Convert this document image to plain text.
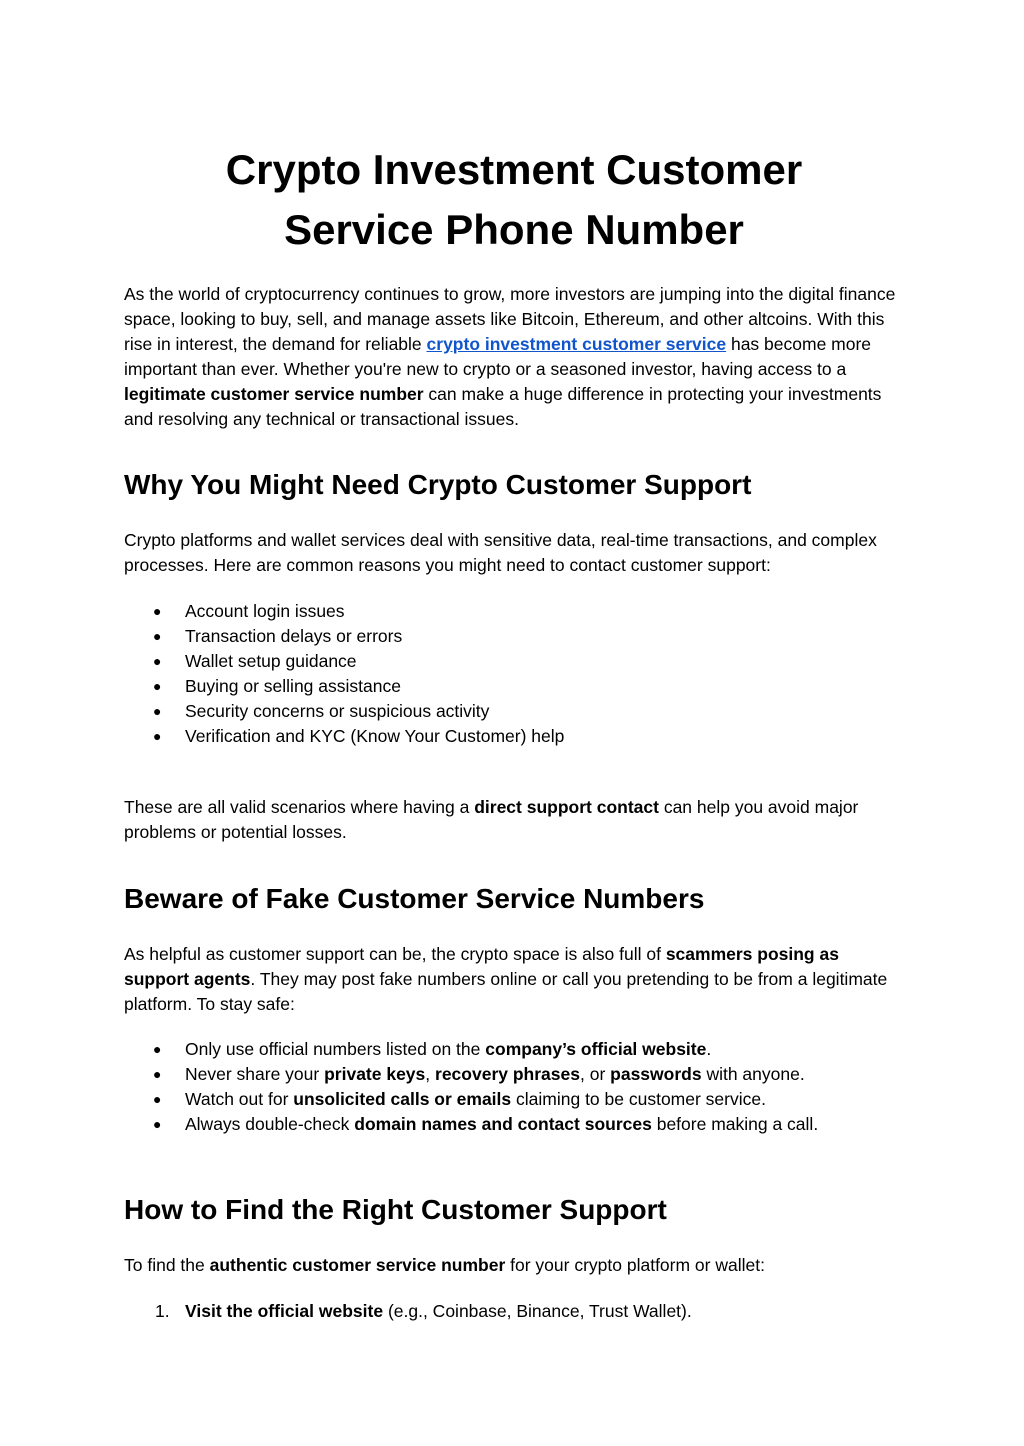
Crypto Investment Customer
Service Phone Number

As the world of cryptocurrency continues to grow, more investors are jumping into the digital finance space, looking to buy, sell, and manage assets like Bitcoin, Ethereum, and other altcoins. With this rise in interest, the demand for reliable crypto investment customer service has become more important than ever. Whether you're new to crypto or a seasoned investor, having access to a legitimate customer service number can make a huge difference in protecting your investments and resolving any technical or transactional issues.

Why You Might Need Crypto Customer Support

Crypto platforms and wallet services deal with sensitive data, real-time transactions, and complex processes. Here are common reasons you might need to contact customer support:

● Account login issues
● Transaction delays or errors
● Wallet setup guidance
● Buying or selling assistance
● Security concerns or suspicious activity
● Verification and KYC (Know Your Customer) help

These are all valid scenarios where having a direct support contact can help you avoid major problems or potential losses.

Beware of Fake Customer Service Numbers

As helpful as customer support can be, the crypto space is also full of scammers posing as support agents. They may post fake numbers online or call you pretending to be from a legitimate platform. To stay safe:

● Only use official numbers listed on the company’s official website.
● Never share your private keys, recovery phrases, or passwords with anyone.
● Watch out for unsolicited calls or emails claiming to be customer service.
● Always double-check domain names and contact sources before making a call.
How to Find the Right Customer Support

To find the authentic customer service number for your crypto platform or wallet:

1. Visit the official website (e.g., Coinbase, Binance, Trust Wallet).
